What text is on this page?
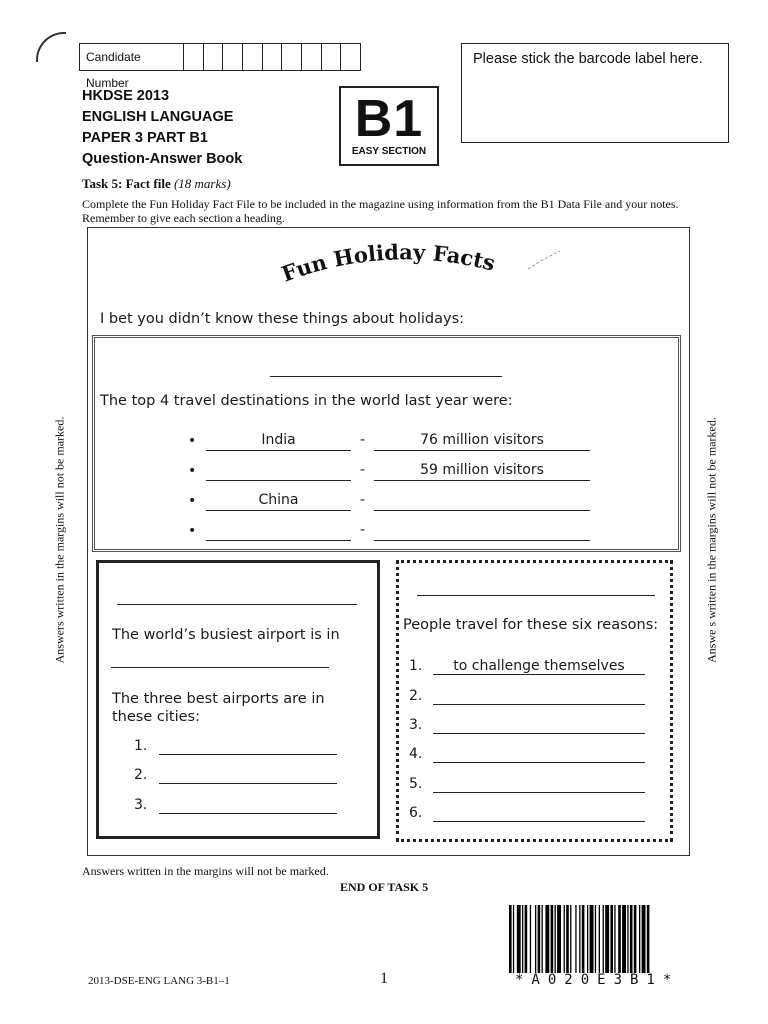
Candidate Number
Please stick the barcode label here.
HKDSE 2013
ENGLISH LANGUAGE
PAPER 3 PART B1
Question-Answer Book
B1
EASY SECTION
Task 5: Fact file (18 marks)
Complete the Fun Holiday Fact File to be included in the magazine using information from the B1 Data File and your notes. Remember to give each section a heading.
Fun Holiday Facts
I bet you didn’t know these things about holidays:
The top 4 travel destinations in the world last year were:
•	India	-	76 million visitors
•	-	59 million visitors
•	China	-
•	-
The world’s busiest airport is in
The three best airports are in these cities:
1.
2.
3.
People travel for these six reasons:
1.	to challenge themselves
2.
3.
4.
5.
6.
Answers written in the margins will not be marked.	Answe s written in the margins will not be marked.
Answers written in the margins will not be marked.
END OF TASK 5
2013-DSE-ENG LANG 3-B1–1	1	*A020E3B1*
